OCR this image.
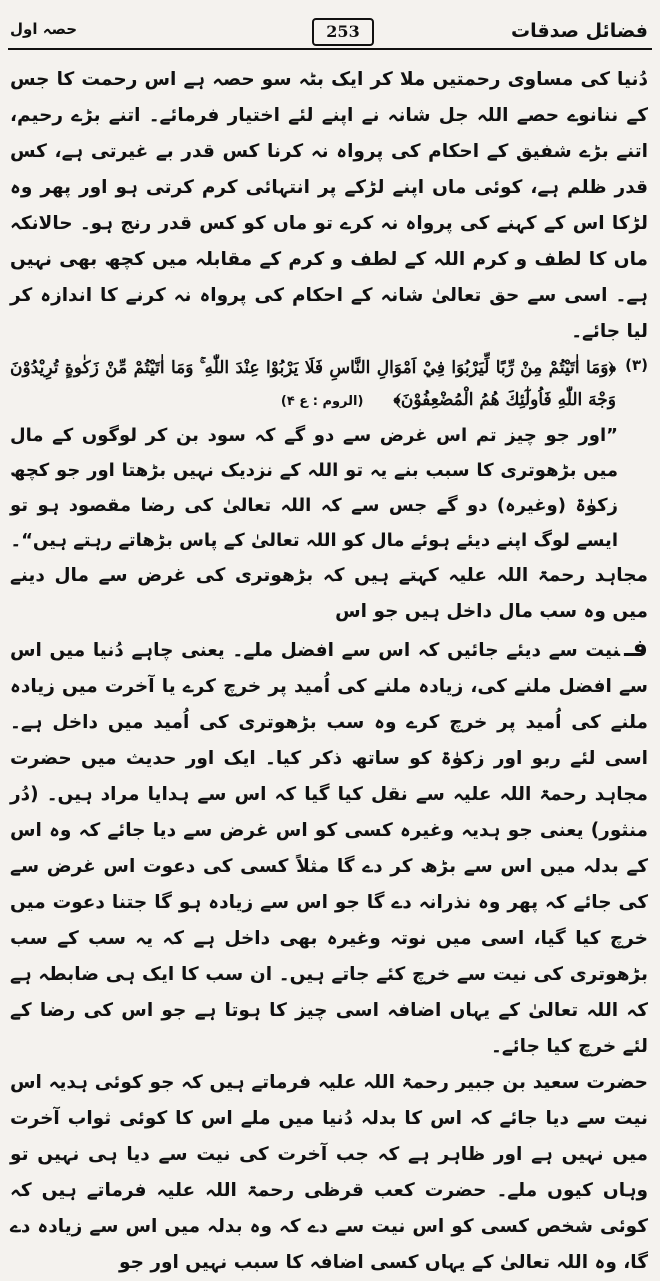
فضائل صدقات
253
حصہ اول

دُنیا کی مساوی رحمتیں ملا کر ایک بٹہ سو حصہ ہے اس رحمت کا جس کے ننانوے حصے اللہ جل شانہ نے اپنے لئے اختیار فرمائے۔ اتنے بڑے رحیم، اتنے بڑے شفیق کے احکام کی پرواہ نہ کرنا کس قدر بے غیرتی ہے، کس قدر ظلم ہے، کوئی ماں اپنے لڑکے پر انتہائی کرم کرتی ہو اور پھر وہ لڑکا اس کے کہنے کی پرواہ نہ کرے تو ماں کو کس قدر رنج ہو۔ حالانکہ ماں کا لطف و کرم اللہ کے لطف و کرم کے مقابلہ میں کچھ بھی نہیں ہے۔ اسی سے حق تعالیٰ شانہ کے احکام کی پرواہ نہ کرنے کا اندازہ کر لیا جائے۔

(۳)

﴿وَمَا اٰتَيْتُمْ مِنْ رِّبًا لِّيَرْبُوَا فِيْ اَمْوَالِ النَّاسِ فَلَا يَرْبُوْا عِنْدَ اللّٰهِ ۚ وَمَا اٰتَيْتُمْ مِّنْ زَكٰوةٍ تُرِيْدُوْنَ وَجْهَ اللّٰهِ فَاُولٰٓئِكَ هُمُ الْمُضْعِفُوْنَ﴾ (الروم : ع ۴)

”اور جو چیز تم اس غرض سے دو گے کہ سود بن کر لوگوں کے مال میں بڑھوتری کا سبب بنے یہ تو اللہ کے نزدیک نہیں بڑھتا اور جو کچھ زکوٰۃ (وغیرہ) دو گے جس سے کہ اللہ تعالیٰ کی رضا مقصود ہو تو ایسے لوگ اپنے دیئے ہوئے مال کو اللہ تعالیٰ کے پاس بڑھاتے رہتے ہیں“۔

مجاہد رحمۃ اللہ علیہ کہتے ہیں کہ بڑھوتری کی غرض سے مال دینے میں وہ سب مال داخل ہیں جو اس

فـنیت سے دیئے جائیں کہ اس سے افضل ملے۔ یعنی چاہے دُنیا میں اس سے افضل ملنے کی، زیادہ ملنے کی اُمید پر خرچ کرے یا آخرت میں زیادہ ملنے کی اُمید پر خرچ کرے وہ سب بڑھوتری کی اُمید میں داخل ہے۔ اسی لئے ربو اور زکوٰۃ کو ساتھ ذکر کیا۔ ایک اور حدیث میں حضرت مجاہد رحمۃ اللہ علیہ سے نقل کیا گیا کہ اس سے ہدایا مراد ہیں۔ (دُر منثور) یعنی جو ہدیہ وغیرہ کسی کو اس غرض سے دیا جائے کہ وہ اس کے بدلہ میں اس سے بڑھ کر دے گا مثلاً کسی کی دعوت اس غرض سے کی جائے کہ پھر وہ نذرانہ دے گا جو اس سے زیادہ ہو گا جتنا دعوت میں خرچ کیا گیا، اسی میں نوتہ وغیرہ بھی داخل ہے کہ یہ سب کے سب بڑھوتری کی نیت سے خرچ کئے جاتے ہیں۔ ان سب کا ایک ہی ضابطہ ہے کہ اللہ تعالیٰ کے یہاں اضافہ اسی چیز کا ہوتا ہے جو اس کی رضا کے لئے خرچ کیا جائے۔

حضرت سعید بن جبیر رحمۃ اللہ علیہ فرماتے ہیں کہ جو کوئی ہدیہ اس نیت سے دیا جائے کہ اس کا بدلہ دُنیا میں ملے اس کا کوئی ثواب آخرت میں نہیں ہے اور ظاہر ہے کہ جب آخرت کی نیت سے دیا ہی نہیں تو وہاں کیوں ملے۔ حضرت کعب قرظی رحمۃ اللہ علیہ فرماتے ہیں کہ کوئی شخص کسی کو اس نیت سے دے کہ وہ بدلہ میں اس سے زیادہ دے گا، وہ اللہ تعالیٰ کے یہاں کسی اضافہ کا سبب نہیں اور جو
